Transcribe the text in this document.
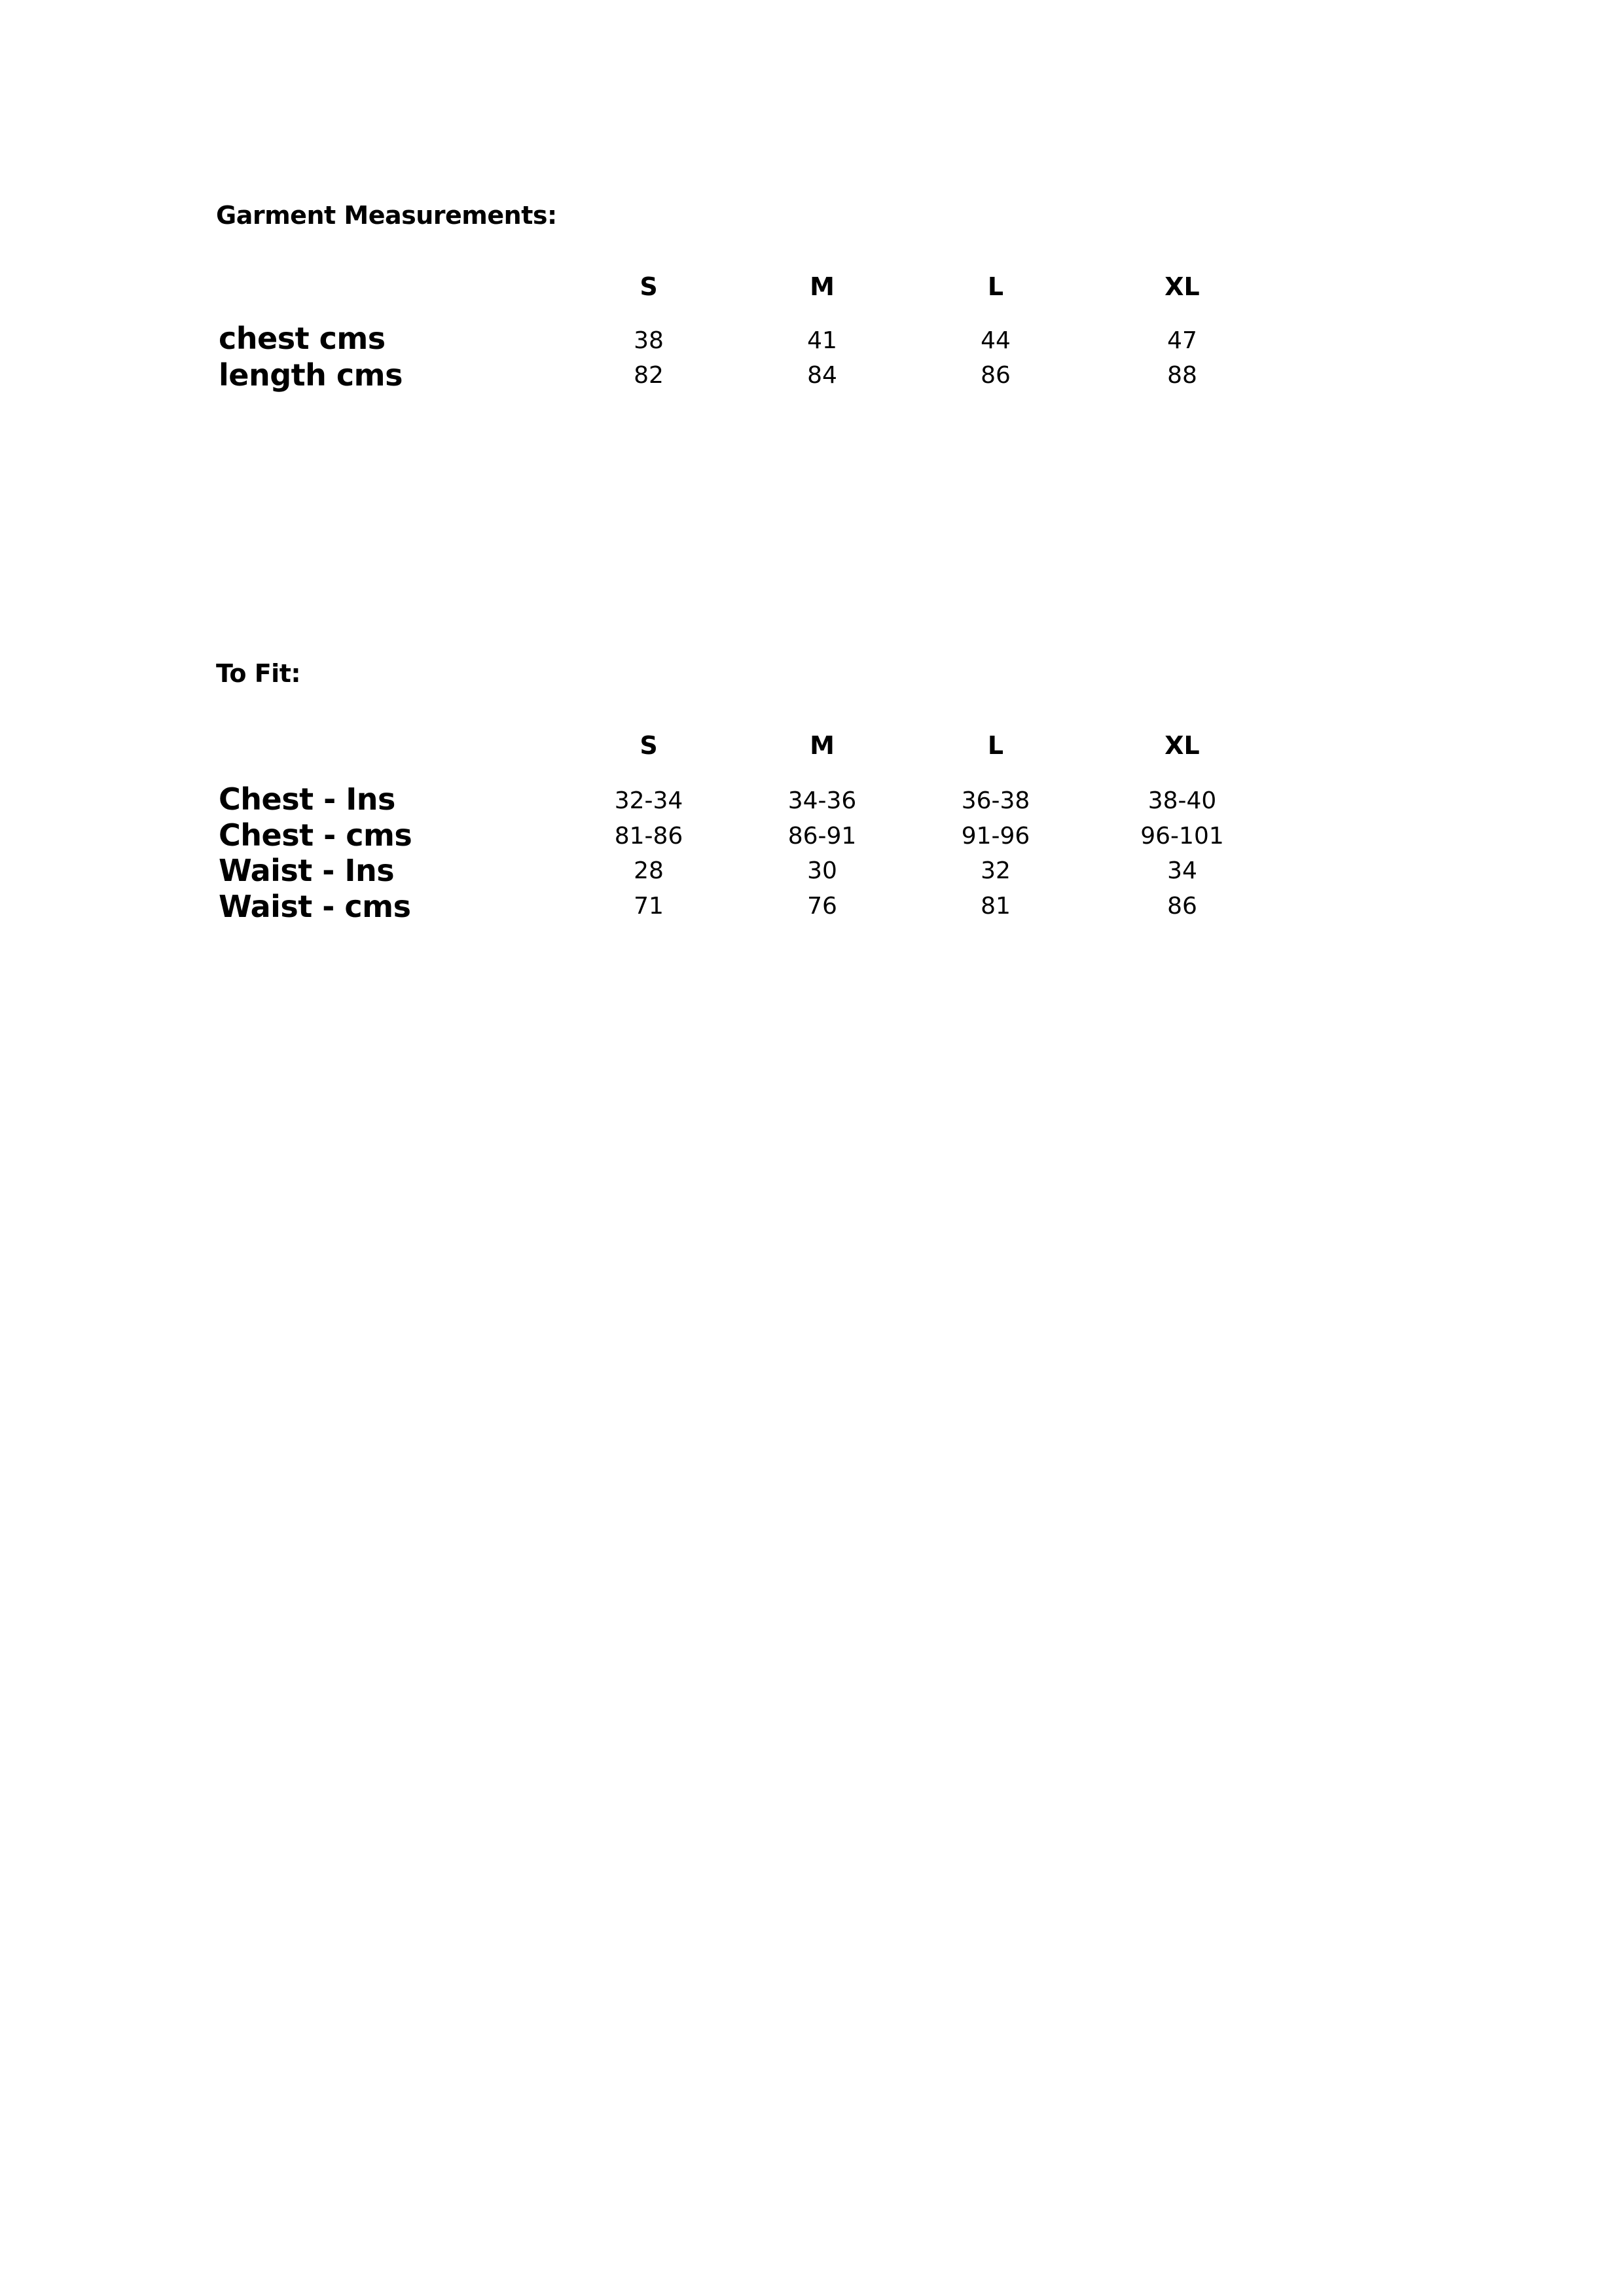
Garment Measurements:
S	M	L	XL
chest cms	38	41	44	47
length cms	82	84	86	88
To Fit:
S	M	L	XL
Chest - Ins	32-34	34-36	36-38	38-40
Chest - cms	81-86	86-91	91-96	96-101
Waist - Ins	28	30	32	34
Waist - cms	71	76	81	86
